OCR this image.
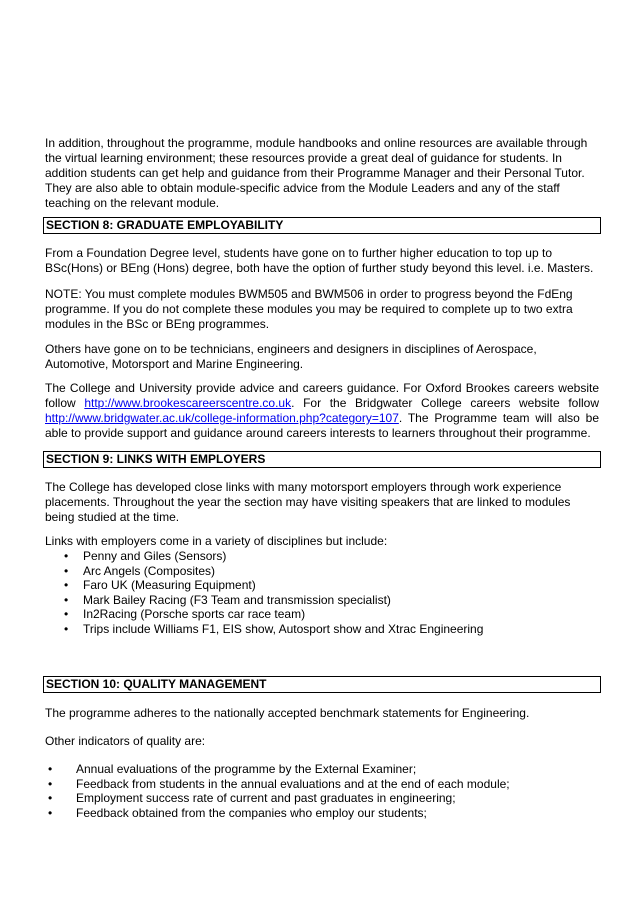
In addition, throughout the programme, module handbooks and online resources are available through the virtual learning environment; these resources provide a great deal of guidance for students. In addition students can get help and guidance from their Programme Manager and their Personal Tutor. They are also able to obtain module-specific advice from the Module Leaders and any of the staff teaching on the relevant module.

SECTION 8: GRADUATE EMPLOYABILITY

From a Foundation Degree level, students have gone on to further higher education to top up to BSc(Hons) or BEng (Hons) degree, both have the option of further study beyond this level. i.e. Masters.

NOTE: You must complete modules BWM505 and BWM506 in order to progress beyond the FdEng programme. If you do not complete these modules you may be required to complete up to two extra modules in the BSc or BEng programmes.

Others have gone on to be technicians, engineers and designers in disciplines of Aerospace, Automotive, Motorsport and Marine Engineering.

The College and University provide advice and careers guidance. For Oxford Brookes careers website follow http://www.brookescareerscentre.co.uk. For the Bridgwater College careers website follow http://www.bridgwater.ac.uk/college-information.php?category=107. The Programme team will also be able to provide support and guidance around careers interests to learners throughout their programme.

SECTION 9: LINKS WITH EMPLOYERS

The College has developed close links with many motorsport employers through work experience placements. Throughout the year the section may have visiting speakers that are linked to modules being studied at the time.

Links with employers come in a variety of disciplines but include:

• Penny and Giles (Sensors)
• Arc Angels (Composites)
• Faro UK (Measuring Equipment)
• Mark Bailey Racing (F3 Team and transmission specialist)
• In2Racing (Porsche sports car race team)
• Trips include Williams F1, EIS show, Autosport show and Xtrac Engineering
SECTION 10: QUALITY MANAGEMENT

The programme adheres to the nationally accepted benchmark statements for Engineering.

Other indicators of quality are:

• Annual evaluations of the programme by the External Examiner;
• Feedback from students in the annual evaluations and at the end of each module;
• Employment success rate of current and past graduates in engineering;
• Feedback obtained from the companies who employ our students;
